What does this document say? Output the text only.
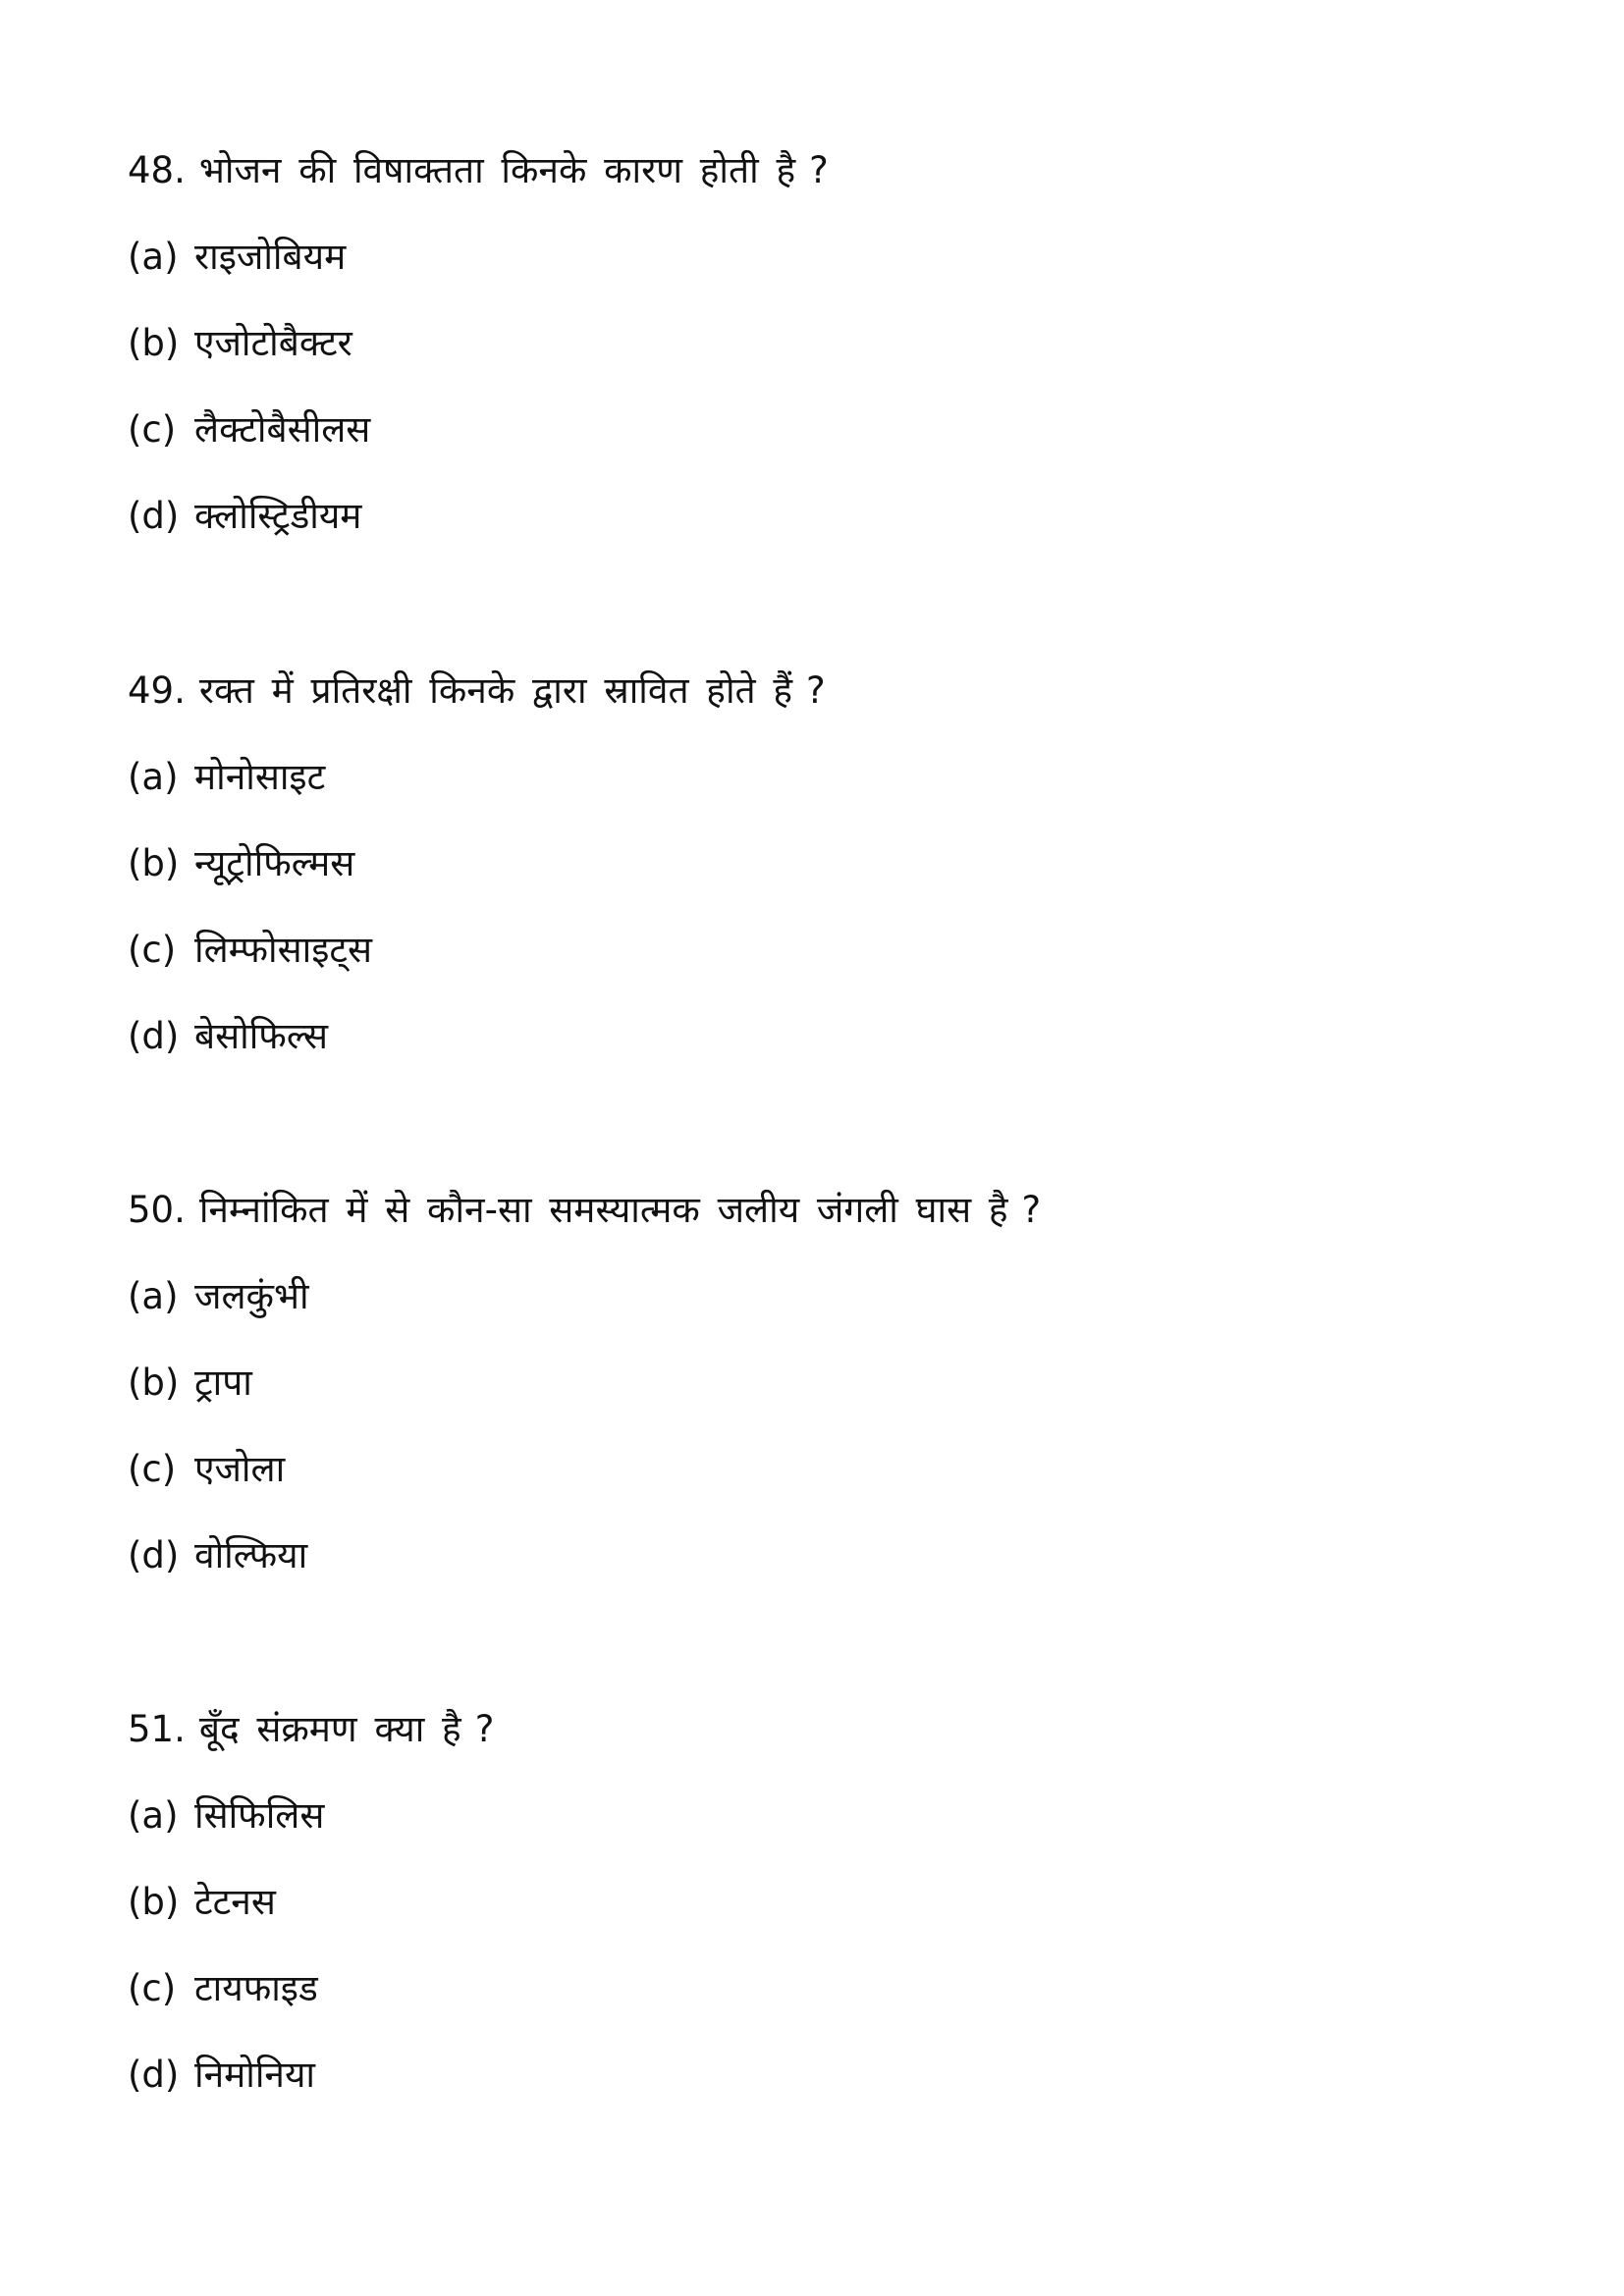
48. भोजन की विषाक्तता किनके कारण होती है ?
(a) राइजोबियम
(b) एजोटोबैक्टर
(c) लैक्टोबैसीलस
(d) क्लोस्ट्रिडीयम
49. रक्त में प्रतिरक्षी किनके द्वारा स्रावित होते हैं ?
(a) मोनोसाइट
(b) न्यूट्रोफिल्मस
(c) लिम्फोसाइट्स
(d) बेसोफिल्स
50. निम्नांकित में से कौन-सा समस्यात्मक जलीय जंगली घास है ?
(a) जलकुंभी
(b) ट्रापा
(c) एजोला
(d) वोल्फिया
51. बूँद संक्रमण क्या है ?
(a) सिफिलिस
(b) टेटनस
(c) टायफाइड
(d) निमोनिया
